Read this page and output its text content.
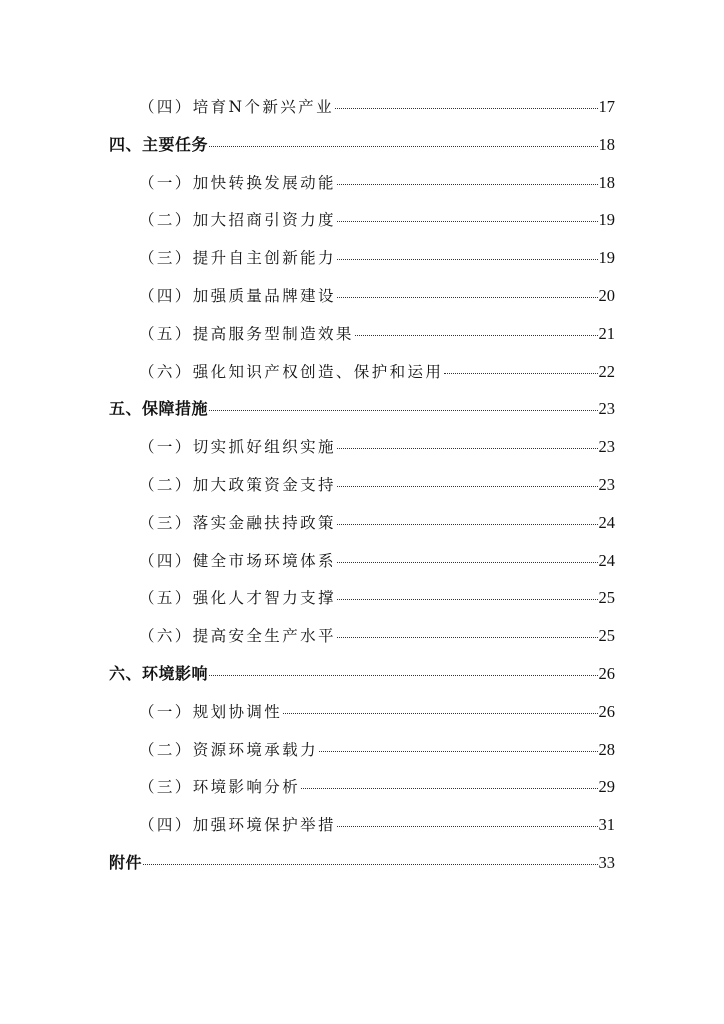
（四）培育N个新兴产业	17
四、主要任务	18
（一）加快转换发展动能	18
（二）加大招商引资力度	19
（三）提升自主创新能力	19
（四）加强质量品牌建设	20
（五）提高服务型制造效果	21
（六）强化知识产权创造、保护和运用	22
五、保障措施	23
（一）切实抓好组织实施	23
（二）加大政策资金支持	23
（三）落实金融扶持政策	24
（四）健全市场环境体系	24
（五）强化人才智力支撑	25
（六）提高安全生产水平	25
六、环境影响	26
（一）规划协调性	26
（二）资源环境承载力	28
（三）环境影响分析	29
（四）加强环境保护举措	31
附件	33
